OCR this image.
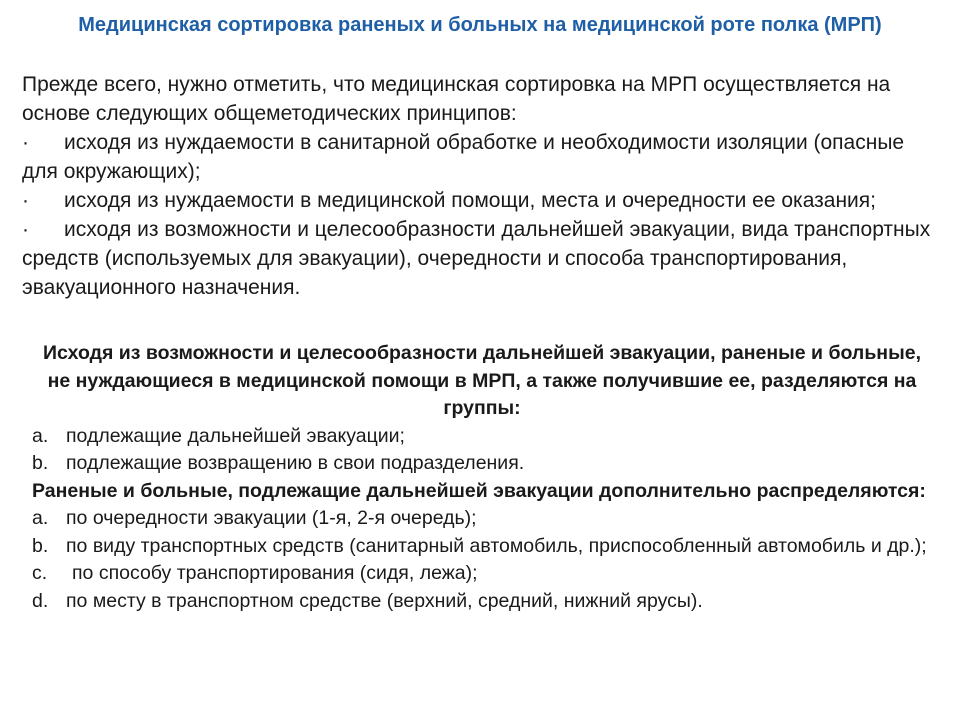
Медицинская сортировка раненых и больных на медицинской роте полка (МРП)
Прежде всего, нужно отметить, что медицинская сортировка на МРП осуществляется на основе следующих общеметодических принципов:
· исходя из нуждаемости в санитарной обработке и необходимости изоляции (опасные для окружающих);
· исходя из нуждаемости в медицинской помощи, места и очередности ее оказания;
· исходя из возможности и целесообразности дальнейшей эвакуации, вида транспортных средств (используемых для эвакуации), очередности и способа транспортирования, эвакуационного назначения.
Исходя из возможности и целесообразности дальнейшей эвакуации, раненые и больные, не нуждающиеся в медицинской помощи в МРП, а также получившие ее, разделяются на группы:
a. подлежащие дальнейшей эвакуации;
b. подлежащие возвращению в свои подразделения.
Раненые и больные, подлежащие дальнейшей эвакуации дополнительно распределяются:
a. по очередности эвакуации (1-я, 2-я очередь);
b. по виду транспортных средств (санитарный автомобиль, приспособленный автомобиль и др.);
c.	по способу транспортирования (сидя, лежа);
d. по месту в транспортном средстве (верхний, средний, нижний ярусы).
